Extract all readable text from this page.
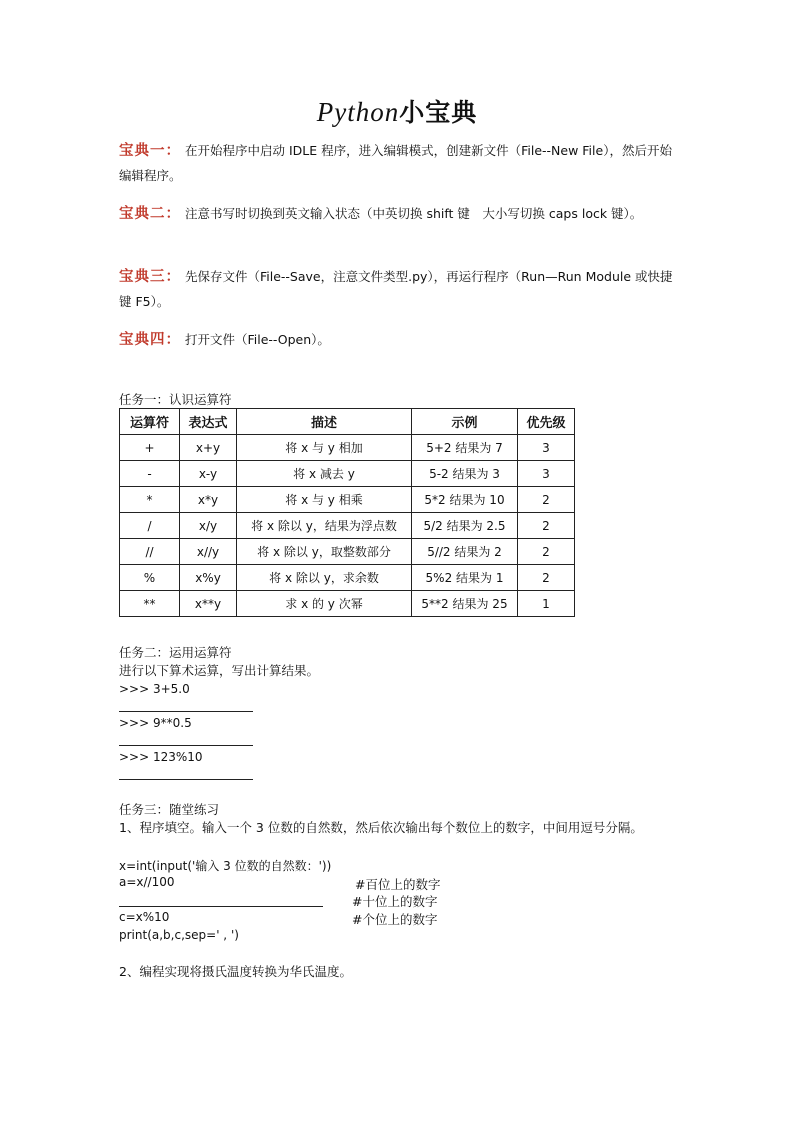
Python小宝典
宝典一： 在开始程序中启动 IDLE 程序，进入编辑模式，创建新文件（File--New File），然后开始编辑程序。
宝典二： 注意书写时切换到英文输入状态（中英切换 shift 键　大小写切换 caps lock 键）。
宝典三： 先保存文件（File--Save，注意文件类型.py），再运行程序（Run—Run Module 或快捷键 F5）。
宝典四： 打开文件（File--Open）。
任务一：认识运算符
运算符	表达式	描述	示例	优先级
+	x+y	将 x 与 y 相加	5+2 结果为 7	3
-	x-y	将 x 减去 y	5-2 结果为 3	3
*	x*y	将 x 与 y 相乘	5*2 结果为 10	2
/	x/y	将 x 除以 y，结果为浮点数	5/2 结果为 2.5	2
//	x//y	将 x 除以 y，取整数部分	5//2 结果为 2	2
%	x%y	将 x 除以 y，求余数	5%2 结果为 1	2
**	x**y	求 x 的 y 次幂	5**2 结果为 25	1
任务二：运用运算符
进行以下算术运算，写出计算结果。
>>> 3+5.0
>>> 9**0.5
>>> 123%10
任务三：随堂练习
1、程序填空。输入一个 3 位数的自然数，然后依次输出每个数位上的数字，中间用逗号分隔。
x=int(input('输入 3 位数的自然数：'))
a=x//100	#百位上的数字
#十位上的数字
c=x%10	#个位上的数字
print(a,b,c,sep=' , ')
2、编程实现将摄氏温度转换为华氏温度。
